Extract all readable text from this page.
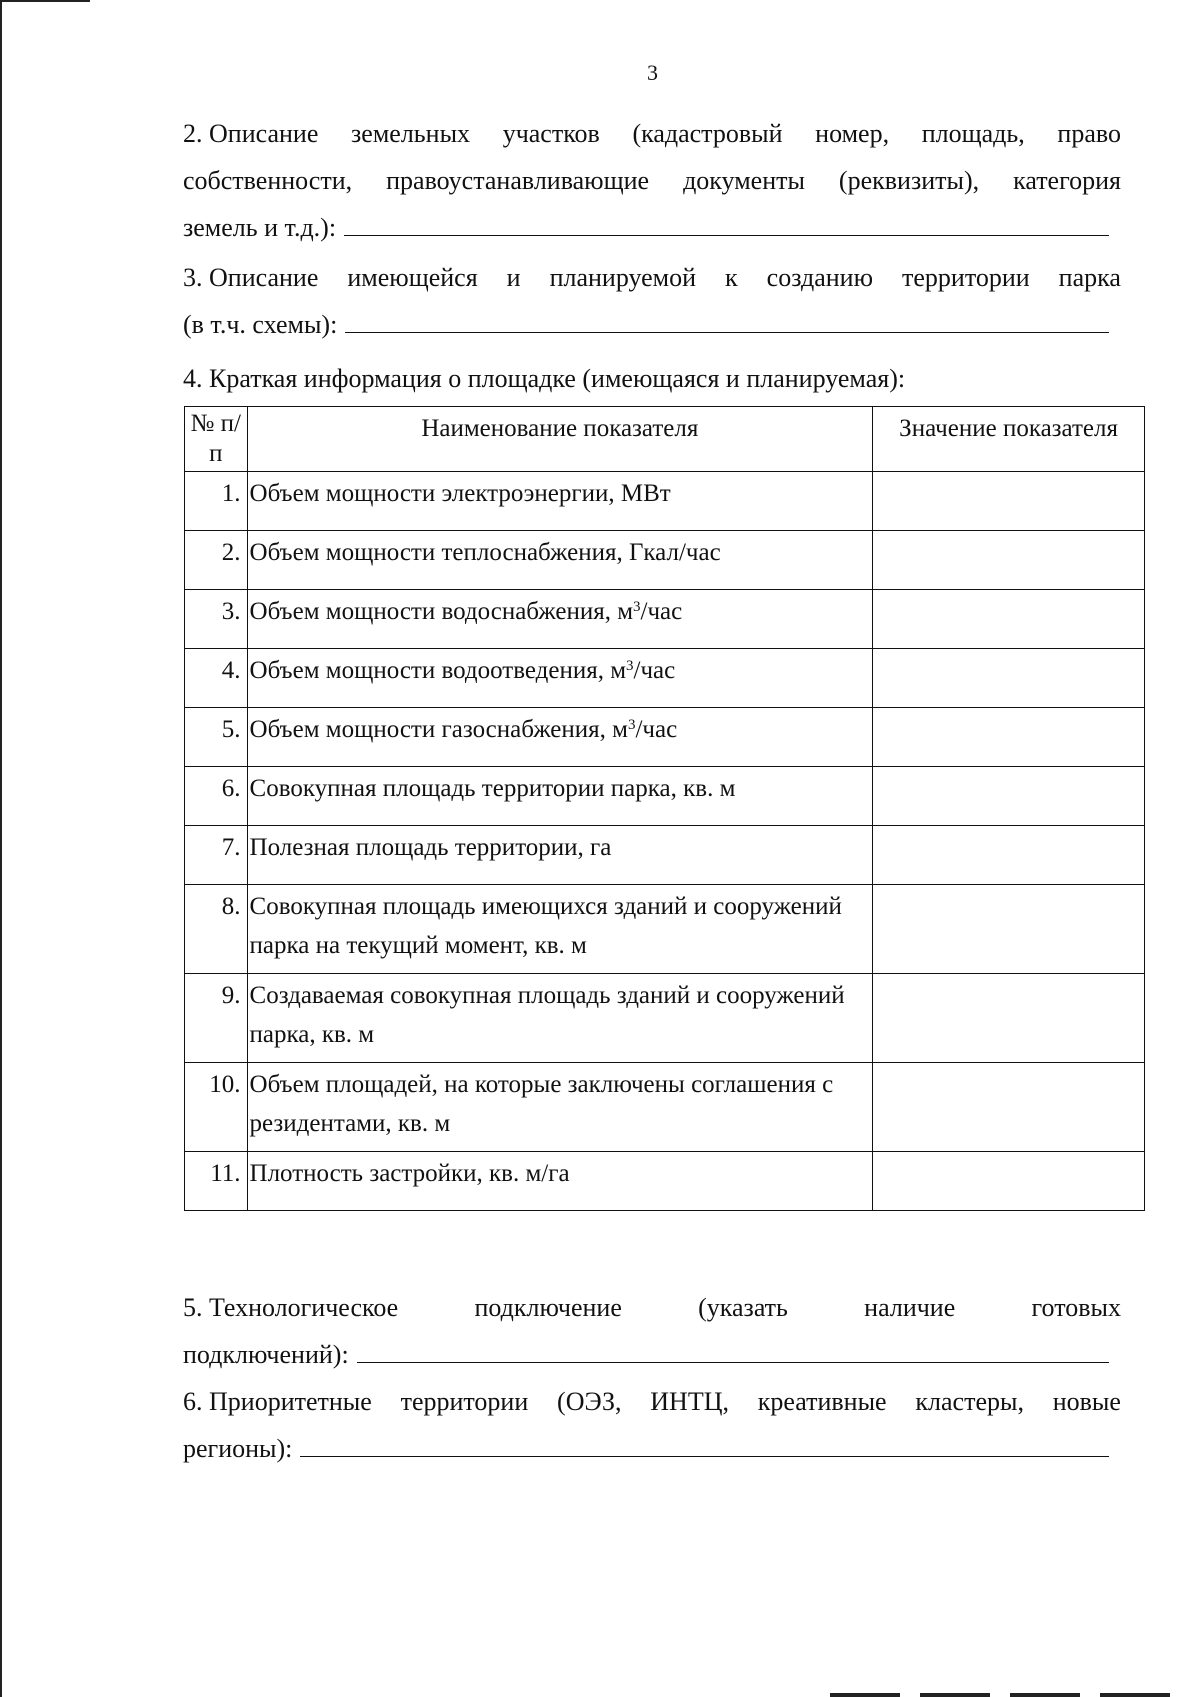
3
2. Описание земельных участков (кадастровый номер, площадь, право
собственности, правоустанавливающие документы (реквизиты), категория
земель и т.д.):
3. Описание имеющейся и планируемой к созданию территории парка
(в т.ч. схемы):
4. Краткая информация о площадке (имеющаяся и планируемая):
№ п/п	Наименование показателя	Значение показателя
1.	Объем мощности электроэнергии, МВт	
2.	Объем мощности теплоснабжения, Гкал/час	
3.	Объем мощности водоснабжения, $м^3$/час	
4.	Объем мощности водоотведения, $м^3$/час	
5.	Объем мощности газоснабжения, $м^3$/час	
6.	Совокупная площадь территории парка, кв. м	
7.	Полезная площадь территории, га	
8.	Совокупная площадь имеющихся зданий и сооружений парка на текущий момент, кв. м	
9.	Создаваемая совокупная площадь зданий и сооружений парка, кв. м	
10.	Объем площадей, на которые заключены соглашения с резидентами, кв. м	
11.	Плотность застройки, кв. м/га	
5. Технологическое	подключение	(указать	наличие	готовых
подключений):
6. Приоритетные территории (ОЭЗ, ИНТЦ, креативные кластеры, новые
регионы):
